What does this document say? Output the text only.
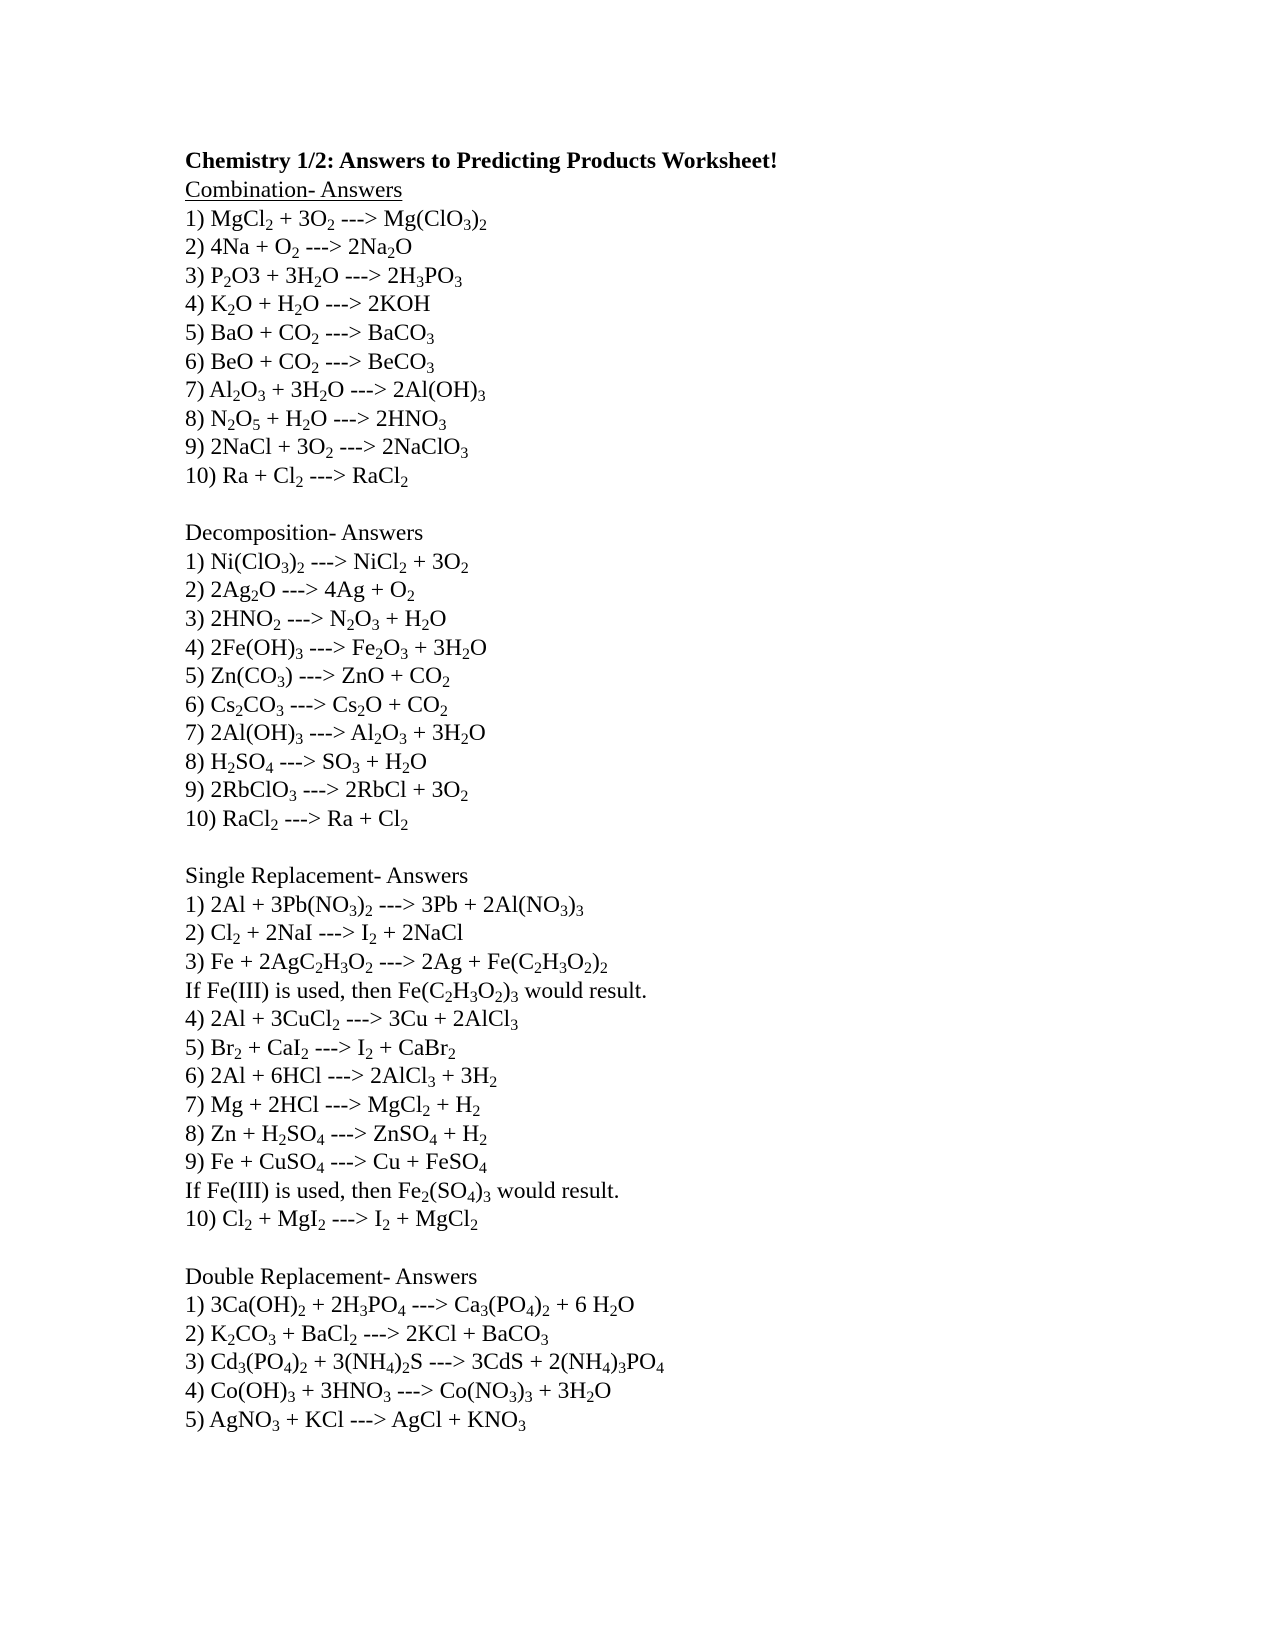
Chemistry 1/2: Answers to Predicting Products Worksheet!
Combination- Answers
1) MgCl$_2$ + $3O_2$ ---> $Mg(ClO_3)_2$
2) $4Na + O_2$ ---> $2Na_2O$
3) $P_2O3 + 3H_2O$ ---> $2H_3PO_3$
4) $K_2O + H_2O$ ---> 2KOH
5) BaO + $CO_2$ ---> BaCO$_3$
6) BeO + $CO_2$ ---> BeCO$_3$
7) $Al_2O_3 + 3H_2O$ ---> $2Al(OH)_3$
8) $N_2O_5 + H_2O$ ---> $2HNO_3$
9) 2NaCl + $3O_2$ ---> 2NaClO$_3$
10) $Ra + Cl_2$ ---> RaCl$_2$
Decomposition- Answers
1) $Ni(ClO_3)_2$ ---> NiCl$_2$ + $3O_2$
2) $2Ag_2O$ ---> $4Ag + O_2$
3) $2HNO_2$ ---> $N_2O_3 + H_2O$
4) $2Fe(OH)_3$ ---> $Fe_2O_3 + 3H_2O$
5) $Zn(CO_3)$ ---> ZnO + $CO_2$
6) $Cs_2CO_3$ ---> $Cs_2O + CO_2$
7) $2Al(OH)_3$ ---> $Al_2O_3 + 3H_2O$
8) $H_2SO_4$ ---> $SO_3 + H_2O$
9) 2RbClO$_3$ ---> 2RbCl + $3O_2$
10) RaCl$_2$ ---> $Ra + Cl_2$
Single Replacement- Answers
1) $2Al + 3Pb(NO_3)_2$ ---> $3Pb + 2Al(NO_3)_3$
2) $Cl_2 + 2NaI$ ---> $I_2$ + 2NaCl
3) $Fe + 2AgC_2H_3O_2$ ---> $2Ag + Fe(C_2H_3O_2)_2$
If Fe(III) is used, then $Fe(C_2H_3O_2)_3$ would result.
4) 2Al + 3CuCl$_2$ ---> 3Cu + 2AlCl$_3$
5) $Br_2 + CaI_2$ ---> $I_2$ + CaBr$_2$
6) 2Al + 6HCl ---> 2AlCl$_3$ + $3H_2$
7) Mg + 2HCl ---> MgCl$_2$ + $H_2$
8) $Zn + H_2SO_4$ ---> ZnSO$_4$ + $H_2$
9) Fe + CuSO$_4$ ---> Cu + FeSO$_4$
If Fe(III) is used, then $Fe_2(SO_4)_3$ would result.
10) $Cl_2 + MgI_2$ ---> $I_2$ + MgCl$_2$
Double Replacement- Answers
1) $3Ca(OH)_2 + 2H_3PO_4$ ---> $Ca_3(PO_4)_2 + 6$ $H_2O$
2) $K_2CO_3$ + BaCl$_2$ ---> 2KCl + BaCO$_3$
3) $Cd_3(PO_4)_2 + 3(NH_4)_2S$ ---> $3CdS + 2(NH_4)_3PO_4$
4) $Co(OH)_3 + 3HNO_3$ ---> $Co(NO_3)_3 + 3H_2O$
5) AgNO$_3$ + KCl ---> AgCl + $KNO_3$
